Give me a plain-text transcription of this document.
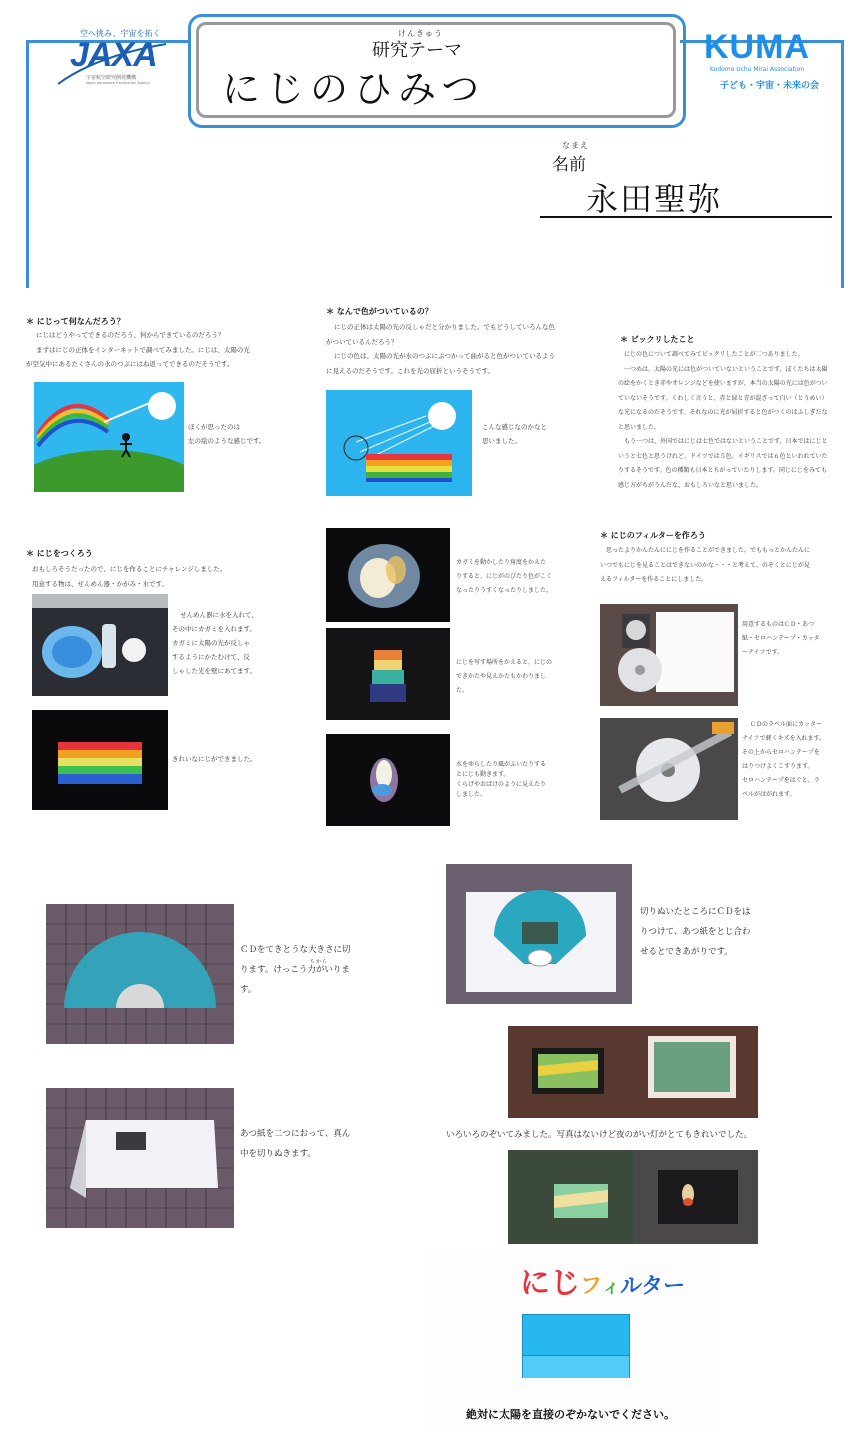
空へ挑み、宇宙を拓く
JAXA
宇宙航空研究開発機構
Japan Aerospace Exploration Agency
けんきゅう
研究テーマ
にじのひみつ
KUMA
Kodomo Uchu Mirai Association
子ども・宇宙・未来の会
なまえ
名前
永田聖弥
＊ にじって何なんだろう？
にじはどうやってできるのだろう、何からできているのだろう？
まずはにじの正体をインターネットで調べてみました。にじは、太陽の光
が空気中にあるたくさんの水のつぶにはね返ってできるのだそうです。
ぼくが思ったのは
左の絵のような感じです。
＊ にじをつくろう
おもしろそうだったので、にじを作ることにチャレンジしました。
用意する物は、せんめん器・かがみ・水です。
せんめん器に水を入れて、
その中にカガミを入れます。
カガミに太陽の光が反しゃ
するようにかたむけて、反
しゃした光を壁にあてます。
きれいなにじができました。
＊ なんで色がついているの？
にじの正体は太陽の光の反しゃだと分かりました。でもどうしていろんな色
がついているんだろう？
にじの色は、太陽の光が水のつぶにぶつかって曲がると色がついているよう
に見えるのだそうです。これを光の屈折というそうです。
こんな感じなのかなと
思いました。
カガミを動かしたり角度をかえた
りすると、にじがのびたり色がこく
なったりうすくなったりしました。
にじを写す場所をかえると、にじの
できかたや見えかたもかわりまし
た。
水をゆらしたり風がふいたりする
とにじも動きます。
くらげやおばけのように見えたり
しました。
＊ ビックリしたこと
にじの色について調べてみてビックリしたことが二つありました。
一つめは、太陽の光には色がついていないということです。ぼくたちは太陽
の絵をかくとき赤やオレンジなどを使いますが、本当の太陽の光には色がつい
ていないそうです。くわしく言うと、赤と緑と青が混ざって白い（とうめい）
な光になるのだそうです。それなのに光が屈折すると色がつくのはふしぎだな
と思いました。
もう一つは、外国ではにじは七色ではないということです。日本ではにじと
いうと七色と思うけれど、ドイツでは５色、イギリスでは６色といわれていた
りするそうです。色の種類も日本とちがっていたりします。同じにじをみても
感じ方がちがうんだな、おもしろいなと思いました。
＊ にじのフィルターを作ろう
思ったよりかんたんににじを作ることができました。でももっとかんたんに
いつでもにじを見ることはできないのかな・・・と考えて、のぞくとにじが見
えるフィルターを作ることにしました。
用意するものはＣＤ・あつ
紙・セロハンテープ・カッタ
ーナイフです。
ＣＤのラベル面にカッター
ナイフで軽くキズを入れます。
その上からセロハンテープを
はりつけよくこすります。
セロハンテープをはぐと、ラ
ベルがはがれます。
ＣＤをてきとうな大きさに切
ります。けっこう力がいりま
す。
ちから
あつ紙を二つにおって、真ん
中を切りぬきます。
切りぬいたところにＣＤをは
りつけて、あつ紙をとじ合わ
せるとできあがりです。
いろいろのぞいてみました。写真はないけど夜のがい灯がとてもきれいでした。
にじフィルター
絶対に太陽を直接のぞかないでください。
